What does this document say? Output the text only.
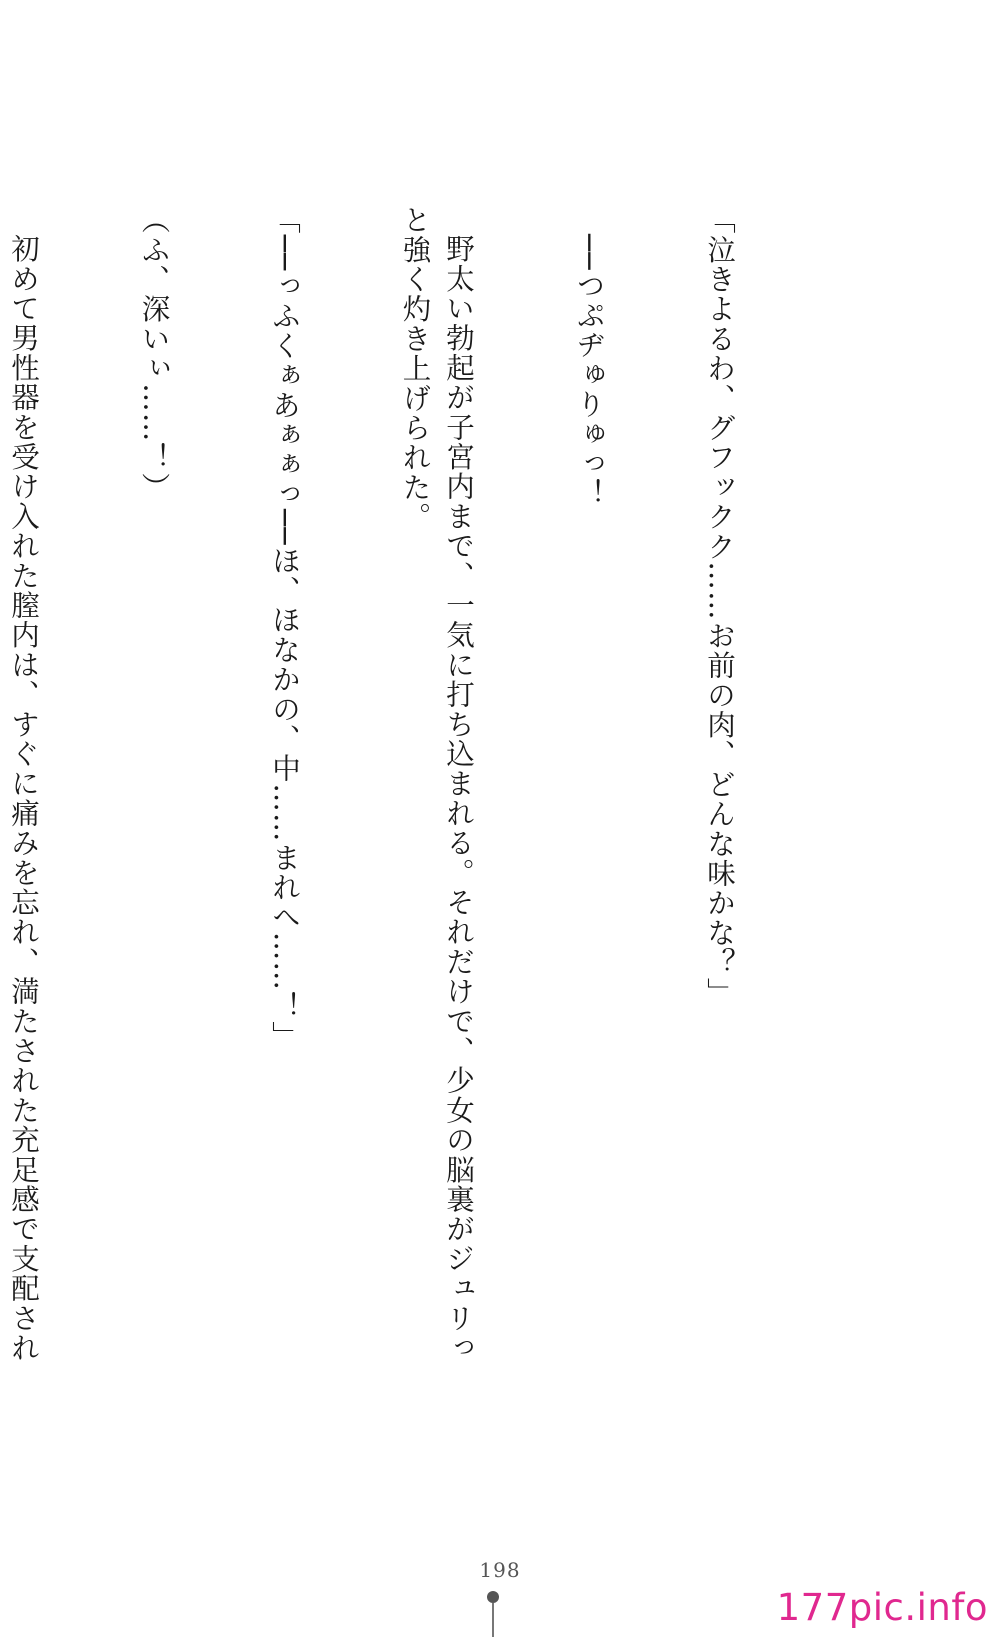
「泣きよるわ、グフックク……お前の肉、どんな味かな？」

──つぷヂゅりゅっ！

野太い勃起が子宮内まで、一気に打ち込まれる。それだけで、少女の脳裏がジュリっと強く灼き上げられた。

「──っふくぁあぁぁっ──ほ、ほなかの、中……まれへ……！」

（ふ、深いぃ……！）

初めて男性器を受け入れた膣内は、すぐに痛みを忘れ、満たされた充足感で支配され

198
177pic.info
